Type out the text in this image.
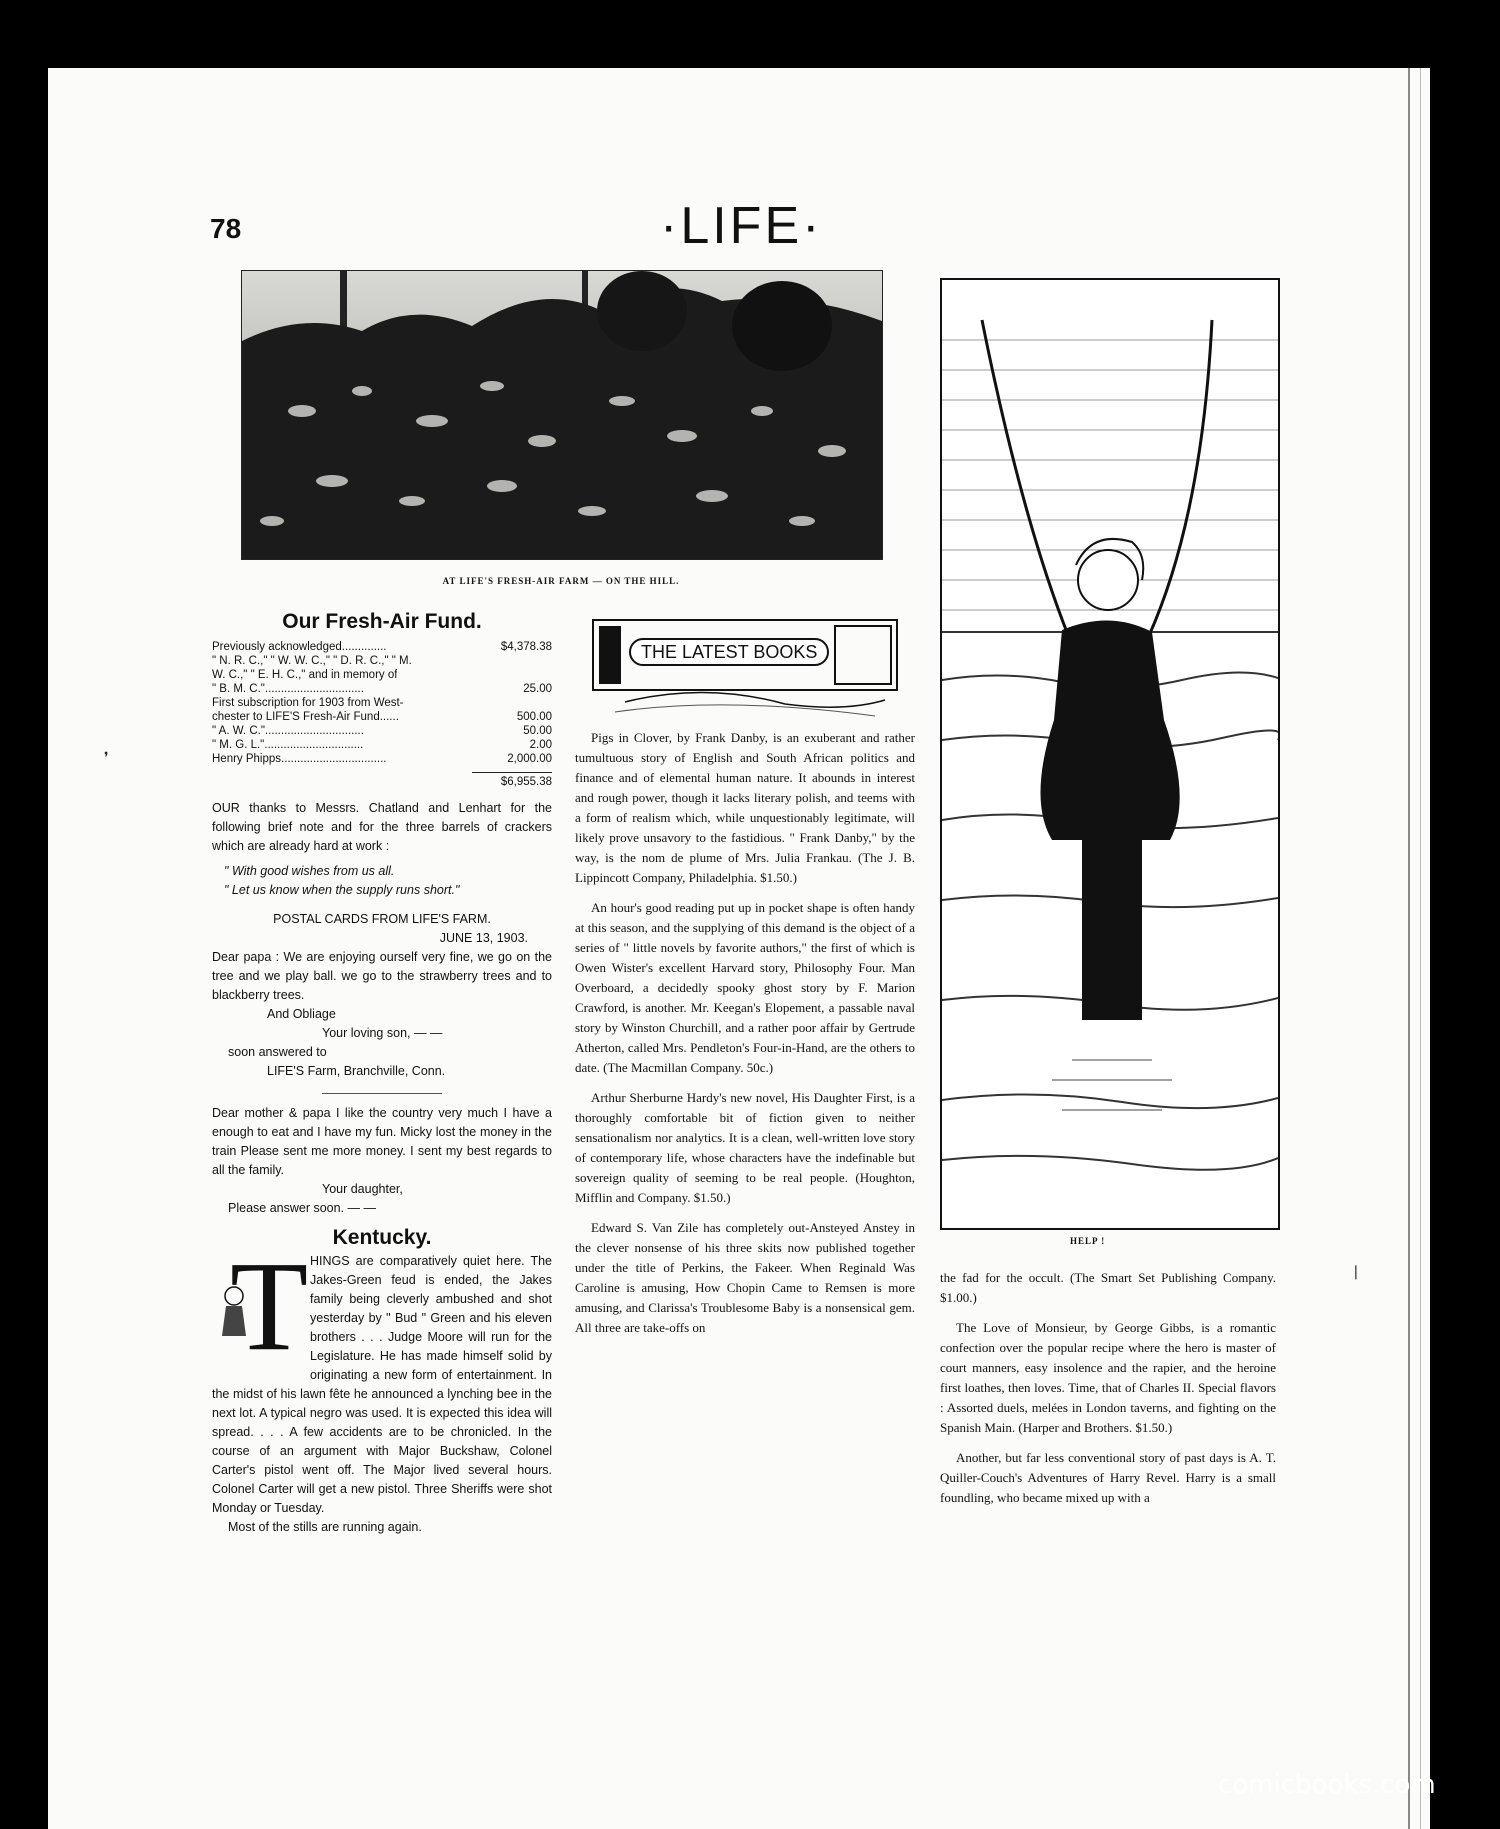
78	·LIFE·
AT LIFE'S FRESH-AIR FARM — ON THE HILL.
HELP !
Our Fresh-Air Fund.
Previously acknowledged..............	$4,378.38
" N. R. C.," " W. W. C.," " D. R. C.," " M.
W. C.," " E. H. C.," and in memory of
" B. M. C."...............................	25.00
First subscription for 1903 from West-
chester to LIFE'S Fresh-Air Fund......	500.00
" A. W. C."...............................	50.00
" M. G. L."...............................	2.00
Henry Phipps.................................	2,000.00
$6,955.38
OUR thanks to Messrs. Chatland and Lenhart for the following brief note and for the three barrels of crackers which are already hard at work :
" With good wishes from us all.
" Let us know when the supply runs short."
POSTAL CARDS FROM LIFE'S FARM.
JUNE 13, 1903.
Dear papa : We are enjoying ourself very fine, we go on the tree and we play ball. we go to the strawberry trees and to blackberry trees.
And Obliage
Your loving son, — —
soon answered to
LIFE'S Farm, Branchville, Conn.
Dear mother & papa I like the country very much I have a enough to eat and I have my fun. Micky lost the money in the train Please sent me more money. I sent my best regards to all the family.
Your daughter,
Please answer soon. — —
Kentucky.
T HINGS are comparatively quiet here. The Jakes-Green feud is ended, the Jakes family being cleverly ambushed and shot yesterday by " Bud " Green and his eleven brothers . . . Judge Moore will run for the Legislature. He has made himself solid by originating a new form of entertainment. In the midst of his lawn fête he announced a lynching bee in the next lot. A typical negro was used. It is expected this idea will spread. . . . A few accidents are to be chronicled. In the course of an argument with Major Buckshaw, Colonel Carter's pistol went off. The Major lived several hours. Colonel Carter will get a new pistol. Three Sheriffs were shot Monday or Tuesday.
Most of the stills are running again.
THE LATEST BOOKS

Pigs in Clover, by Frank Danby, is an exuberant and rather tumultuous story of English and South African politics and finance and of elemental human nature. It abounds in interest and rough power, though it lacks literary polish, and teems with a form of realism which, while unquestionably legitimate, will likely prove unsavory to the fastidious. " Frank Danby," by the way, is the nom de plume of Mrs. Julia Frankau. (The J. B. Lippincott Company, Philadelphia. $1.50.)

An hour's good reading put up in pocket shape is often handy at this season, and the supplying of this demand is the object of a series of " little novels by favorite authors," the first of which is Owen Wister's excellent Harvard story, Philosophy Four. Man Overboard, a decidedly spooky ghost story by F. Marion Crawford, is another. Mr. Keegan's Elopement, a passable naval story by Winston Churchill, and a rather poor affair by Gertrude Atherton, called Mrs. Pendleton's Four-in-Hand, are the others to date. (The Macmillan Company. 50c.)

Arthur Sherburne Hardy's new novel, His Daughter First, is a thoroughly comfortable bit of fiction given to neither sensationalism nor analytics. It is a clean, well-written love story of contemporary life, whose characters have the indefinable but sovereign quality of seeming to be real people. (Houghton, Mifflin and Company. $1.50.)

Edward S. Van Zile has completely out-Ansteyed Anstey in the clever nonsense of his three skits now published together under the title of Perkins, the Fakeer. When Reginald Was Caroline is amusing, How Chopin Came to Remsen is more amusing, and Clarissa's Troublesome Baby is a nonsensical gem. All three are take-offs on

the fad for the occult. (The Smart Set Publishing Company. $1.00.)

The Love of Monsieur, by George Gibbs, is a romantic confection over the popular recipe where the hero is master of court manners, easy insolence and the rapier, and the heroine first loathes, then loves. Time, that of Charles II. Special flavors : Assorted duels, melées in London taverns, and fighting on the Spanish Main. (Harper and Brothers. $1.50.)

Another, but far less conventional story of past days is A. T. Quiller-Couch's Adventures of Harry Revel. Harry is a small foundling, who became mixed up with a

❜
❘
comicbooks.com
